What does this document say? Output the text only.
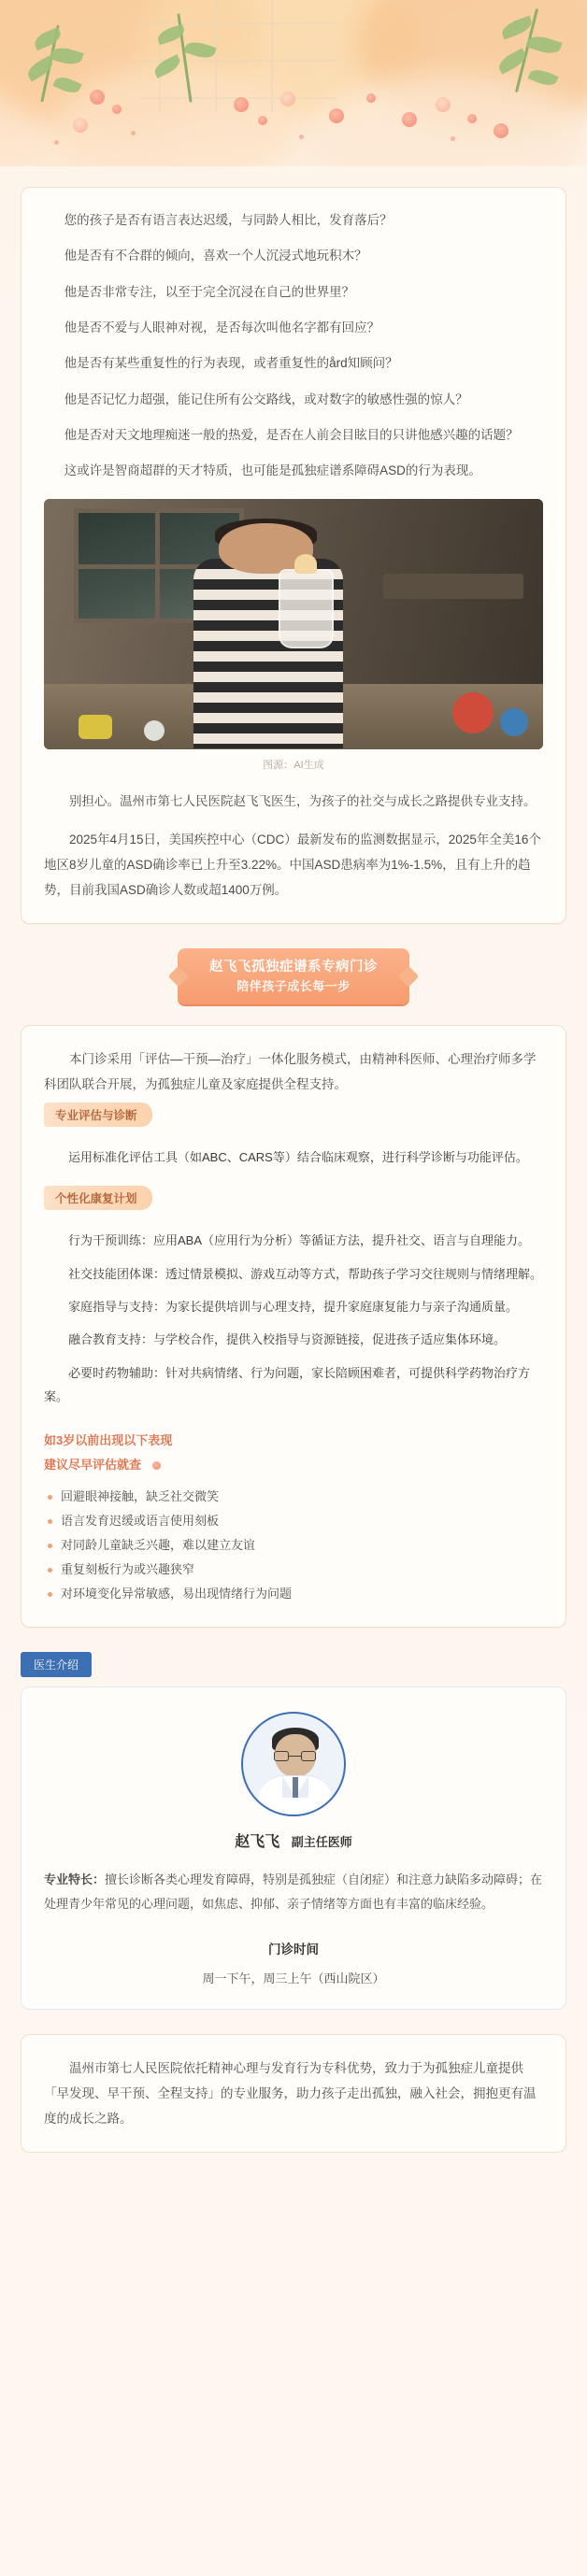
您的孩子是否有语言表达迟缓，与同龄人相比，发育落后？

他是否有不合群的倾向，喜欢一个人沉浸式地玩积木？

他是否非常专注，以至于完全沉浸在自己的世界里？

他是否不爱与人眼神对视，是否每次叫他名字都有回应？

他是否有某些重复性的行为表现，或者重复性的ård知顾问？

他是否记忆力超强，能记住所有公交路线，或对数字的敏感性强的惊人？

他是否对天文地理痴迷一般的热爱，是否在人前会目眩目的只讲他感兴趣的话题？

这或许是智商超群的天才特质，也可能是孤独症谱系障碍ASD的行为表现。

图源：AI生成

别担心。温州市第七人民医院赵飞飞医生，为孩子的社交与成长之路提供专业支持。

2025年4月15日，美国疾控中心（CDC）最新发布的监测数据显示，2025年全美16个地区8岁儿童的ASD确诊率已上升至3.22%。中国ASD患病率为1%-1.5%，且有上升的趋势，目前我国ASD确诊人数或超1400万例。

赵飞飞孤独症谱系专病门诊
陪伴孩子成长每一步

本门诊采用「评估—干预—治疗」一体化服务模式，由精神科医师、心理治疗师多学科团队联合开展，为孤独症儿童及家庭提供全程支持。

专业评估与诊断

运用标准化评估工具（如ABC、CARS等）结合临床观察，进行科学诊断与功能评估。

个性化康复计划

行为干预训练：应用ABA（应用行为分析）等循证方法，提升社交、语言与自理能力。

社交技能团体课：透过情景模拟、游戏互动等方式，帮助孩子学习交往规则与情绪理解。

家庭指导与支持：为家长提供培训与心理支持，提升家庭康复能力与亲子沟通质量。

融合教育支持：与学校合作，提供入校指导与资源链接，促进孩子适应集体环境。

必要时药物辅助：针对共病情绪、行为问题，家长陪顾困难者，可提供科学药物治疗方案。

如3岁以前出现以下表现

建议尽早评估就查

回避眼神接触，缺乏社交微笑
语言发育迟缓或语言使用刻板
对同龄儿童缺乏兴趣，难以建立友谊
重复刻板行为或兴趣狭窄
对环境变化异常敏感，易出现情绪行为问题
医生介绍

赵飞飞 副主任医师

专业特长：擅长诊断各类心理发育障碍，特别是孤独症（自闭症）和注意力缺陷多动障碍；在处理青少年常见的心理问题，如焦虑、抑郁、亲子情绪等方面也有丰富的临床经验。

门诊时间

周一下午，周三上午（西山院区）

温州市第七人民医院依托精神心理与发育行为专科优势，致力于为孤独症儿童提供「早发现、早干预、全程支持」的专业服务，助力孩子走出孤独，融入社会，拥抱更有温度的成长之路。
